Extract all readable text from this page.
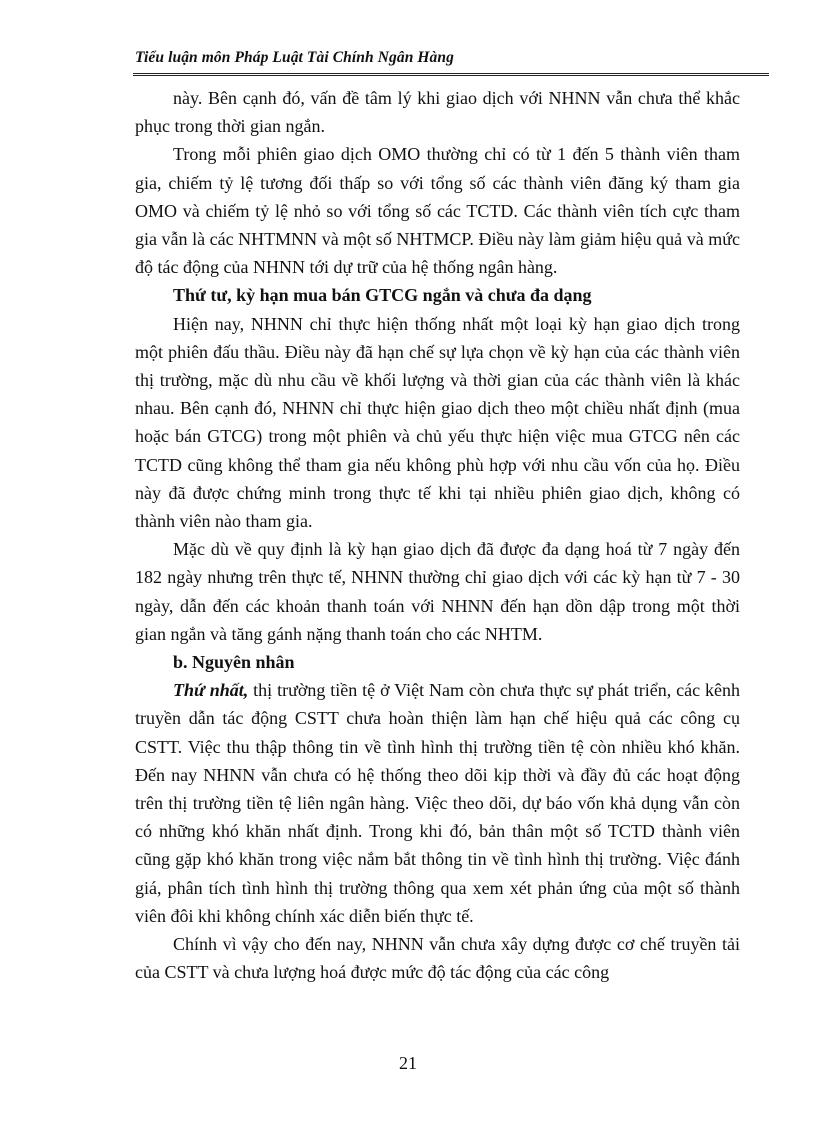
Tiểu luận môn Pháp Luật Tài Chính Ngân Hàng

này. Bên cạnh đó, vấn đề tâm lý khi giao dịch với NHNN vẫn chưa thể khắc phục trong thời gian ngắn.

Trong mỗi phiên giao dịch OMO thường chỉ có từ 1 đến 5 thành viên tham gia, chiếm tỷ lệ tương đối thấp so với tổng số các thành viên đăng ký tham gia OMO và chiếm tỷ lệ nhỏ so với tổng số các TCTD. Các thành viên tích cực tham gia vẫn là các NHTMNN và một số NHTMCP. Điều này làm giảm hiệu quả và mức độ tác động của NHNN tới dự trữ của hệ thống ngân hàng.

Thứ tư, kỳ hạn mua bán GTCG ngắn và chưa đa dạng

Hiện nay, NHNN chỉ thực hiện thống nhất một loại kỳ hạn giao dịch trong một phiên đấu thầu. Điều này đã hạn chế sự lựa chọn về kỳ hạn của các thành viên thị trường, mặc dù nhu cầu về khối lượng và thời gian của các thành viên là khác nhau. Bên cạnh đó, NHNN chỉ thực hiện giao dịch theo một chiều nhất định (mua hoặc bán GTCG) trong một phiên và chủ yếu thực hiện việc mua GTCG nên các TCTD cũng không thể tham gia nếu không phù hợp với nhu cầu vốn của họ. Điều này đã được chứng minh trong thực tế khi tại nhiều phiên giao dịch, không có thành viên nào tham gia.

Mặc dù về quy định là kỳ hạn giao dịch đã được đa dạng hoá từ 7 ngày đến 182 ngày nhưng trên thực tế, NHNN thường chỉ giao dịch với các kỳ hạn từ 7 - 30 ngày, dẫn đến các khoản thanh toán với NHNN đến hạn dồn dập trong một thời gian ngắn và tăng gánh nặng thanh toán cho các NHTM.

b. Nguyên nhân

Thứ nhất, thị trường tiền tệ ở Việt Nam còn chưa thực sự phát triển, các kênh truyền dẫn tác động CSTT chưa hoàn thiện làm hạn chế hiệu quả các công cụ CSTT. Việc thu thập thông tin về tình hình thị trường tiền tệ còn nhiều khó khăn. Đến nay NHNN vẫn chưa có hệ thống theo dõi kịp thời và đầy đủ các hoạt động trên thị trường tiền tệ liên ngân hàng. Việc theo dõi, dự báo vốn khả dụng vẫn còn có những khó khăn nhất định. Trong khi đó, bản thân một số TCTD thành viên cũng gặp khó khăn trong việc nắm bắt thông tin về tình hình thị trường. Việc đánh giá, phân tích tình hình thị trường thông qua xem xét phản ứng của một số thành viên đôi khi không chính xác diễn biến thực tế.

Chính vì vậy cho đến nay, NHNN vẫn chưa xây dựng được cơ chế truyền tải của CSTT và chưa lượng hoá được mức độ tác động của các công

21
